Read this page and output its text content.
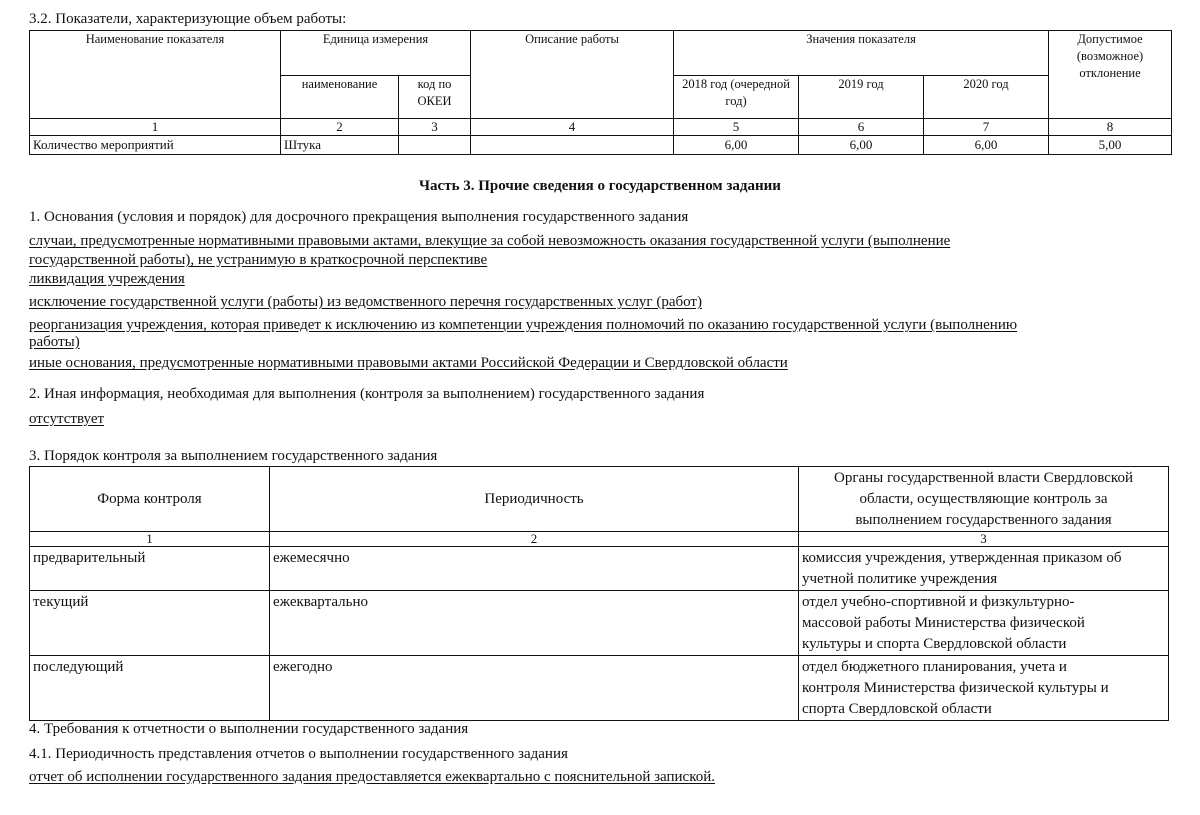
3.2. Показатели, характеризующие объем работы:
Наименование показателя	Единица измерения		Описание работы	Значения показателя			Допустимое (возможное) отклонение
	наименование	код по ОКЕИ		2018 год (очередной год)	2019 год	2020 год	
1	2	3	4	5	6	7	8
Количество мероприятий	Штука			6,00	6,00	6,00	5,00
Часть 3. Прочие сведения о государственном задании
1. Основания (условия и порядок) для досрочного прекращения выполнения государственного задания
случаи, предусмотренные нормативными правовыми актами, влекущие за собой невозможность оказания государственной услуги (выполнение
государственной работы), не устранимую в краткосрочной перспективе
ликвидация учреждения
исключение государственной услуги (работы) из ведомственного перечня государственных услуг (работ)
реорганизация учреждения, которая приведет к исключению из компетенции учреждения полномочий по оказанию государственной услуги (выполнению
работы)
иные основания, предусмотренные нормативными правовыми актами Российской Федерации и Свердловской области
2. Иная информация, необходимая для выполнения (контроля за выполнением) государственного задания
отсутствует
3. Порядок контроля за выполнением государственного задания
Форма контроля	Периодичность	Органы государственной власти Свердловской
области, осуществляющие контроль за
выполнением государственного задания

1	2	3
предварительный	ежемесячно	комиссия учреждения, утвержденная приказом об
учетной политике учреждения

текущий	ежеквартально	отдел учебно-спортивной и физкультурно-
массовой работы Министерства физической
культуры и спорта Свердловской области

последующий	ежегодно	отдел бюджетного планирования, учета и
контроля Министерства физической культуры и
спорта Свердловской области
4. Требования к отчетности о выполнении государственного задания
4.1. Периодичность представления отчетов о выполнении государственного задания
отчет об исполнении государственного задания предоставляется ежеквартально с пояснительной запиской.
